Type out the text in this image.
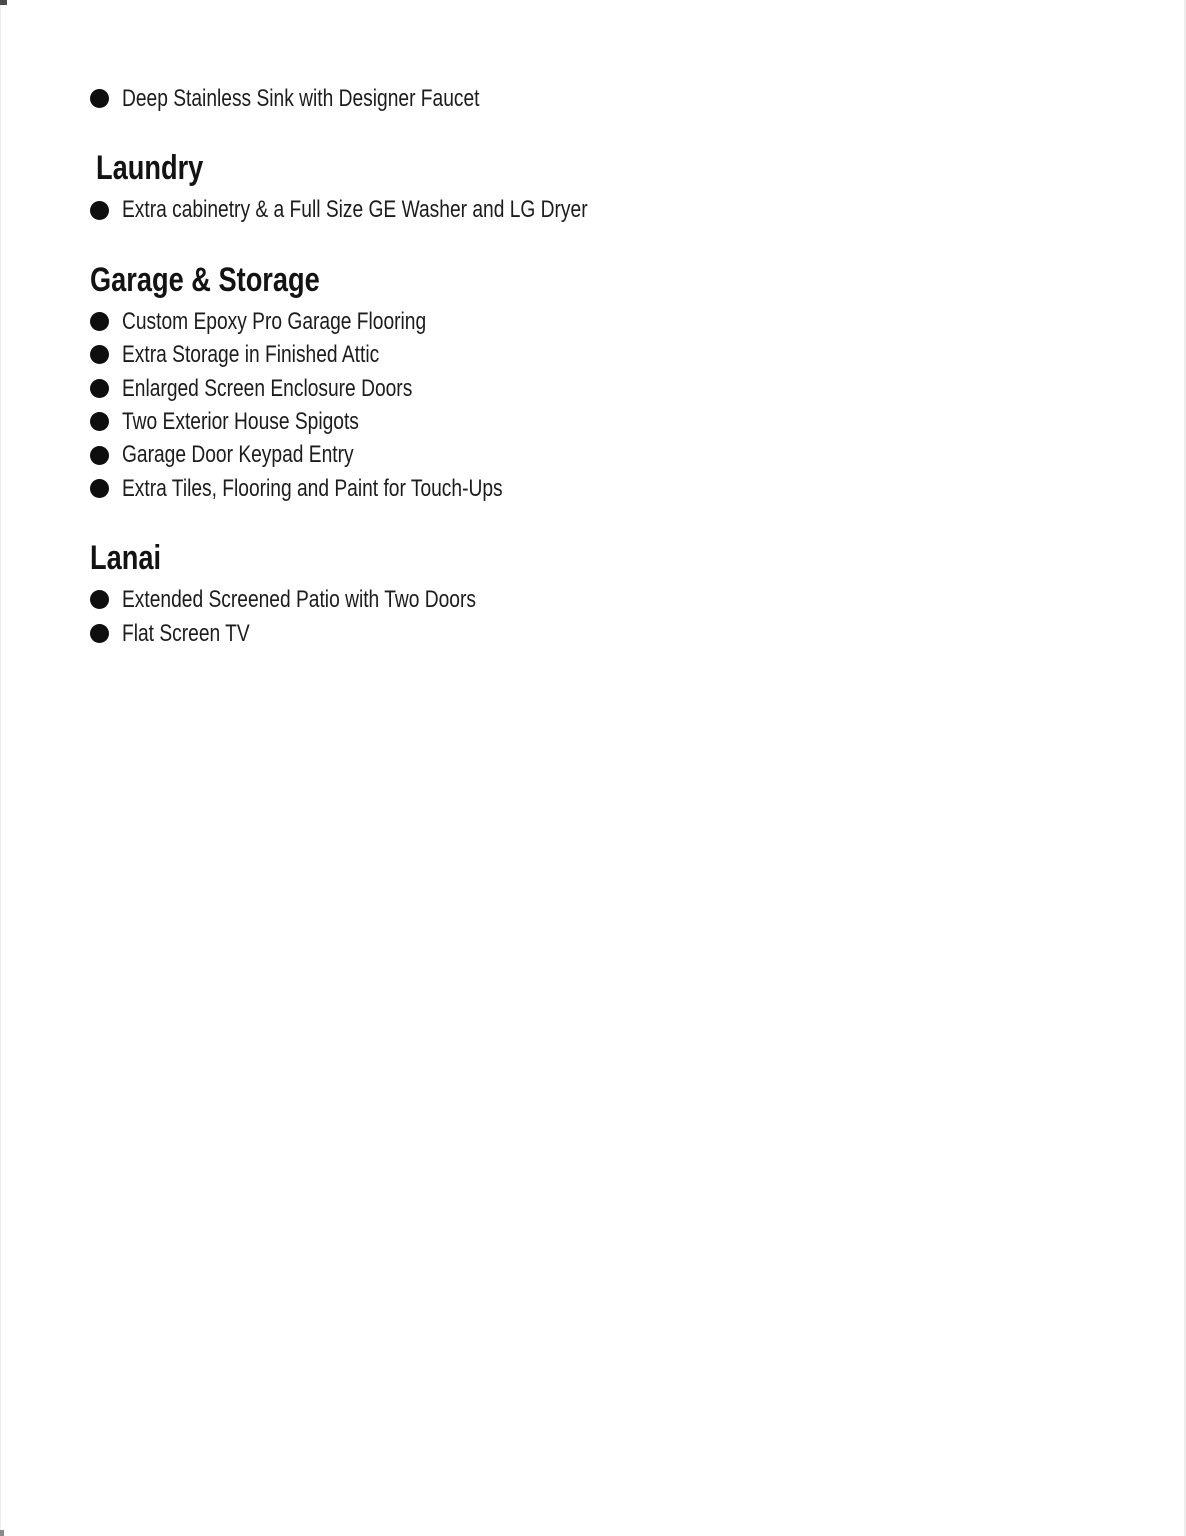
Deep Stainless Sink with Designer Faucet
Laundry
Extra cabinetry & a Full Size GE Washer and LG Dryer
Garage & Storage
Custom Epoxy Pro Garage Flooring
Extra Storage in Finished Attic
Enlarged Screen Enclosure Doors
Two Exterior House Spigots
Garage Door Keypad Entry
Extra Tiles, Flooring and Paint for Touch-Ups
Lanai
Extended Screened Patio with Two Doors
Flat Screen TV
